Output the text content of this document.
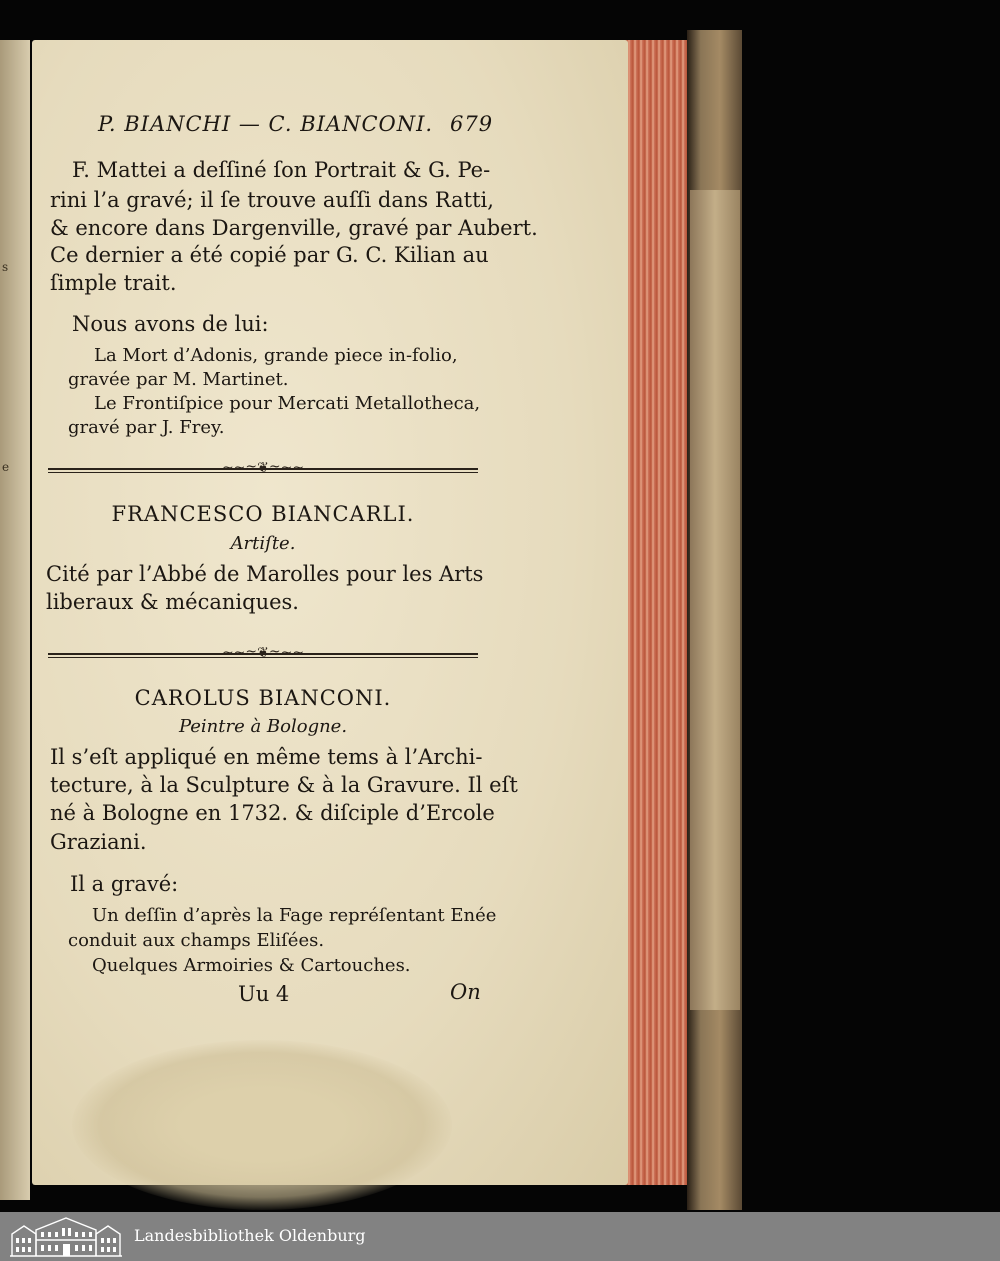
s
e
P. BIANCHI — C. BIANCONI. 679
F. Mattei a deſſiné ſon Portrait & G. Pe-
rini l’a gravé; il ſe trouve auſſi dans Ratti,
& encore dans Dargenville, gravé par Aubert.
Ce dernier a été copié par G. C. Kilian au
ſimple trait.
Nous avons de lui:
La Mort d’Adonis, grande piece in-folio,
gravée par M. Martinet.
Le Frontiſpice pour Mercati Metallotheca,
gravé par J. Frey.
~~≈❦≈~~
FRANCESCO BIANCARLI.
Artiſte.
Cité par l’Abbé de Marolles pour les Arts
liberaux & mécaniques.
~~≈❦≈~~
CAROLUS BIANCONI.
Peintre à Bologne.
Il s’eſt appliqué en même tems à l’Archi-
tecture, à la Sculpture & à la Gravure. Il eſt
né à Bologne en 1732. & diſciple d’Ercole
Graziani.
Il a gravé:
Un deſſin d’après la Fage repréſentant Enée
conduit aux champs Eliſées.
Quelques Armoiries & Cartouches.
Uu 4	On
Landesbibliothek Oldenburg
